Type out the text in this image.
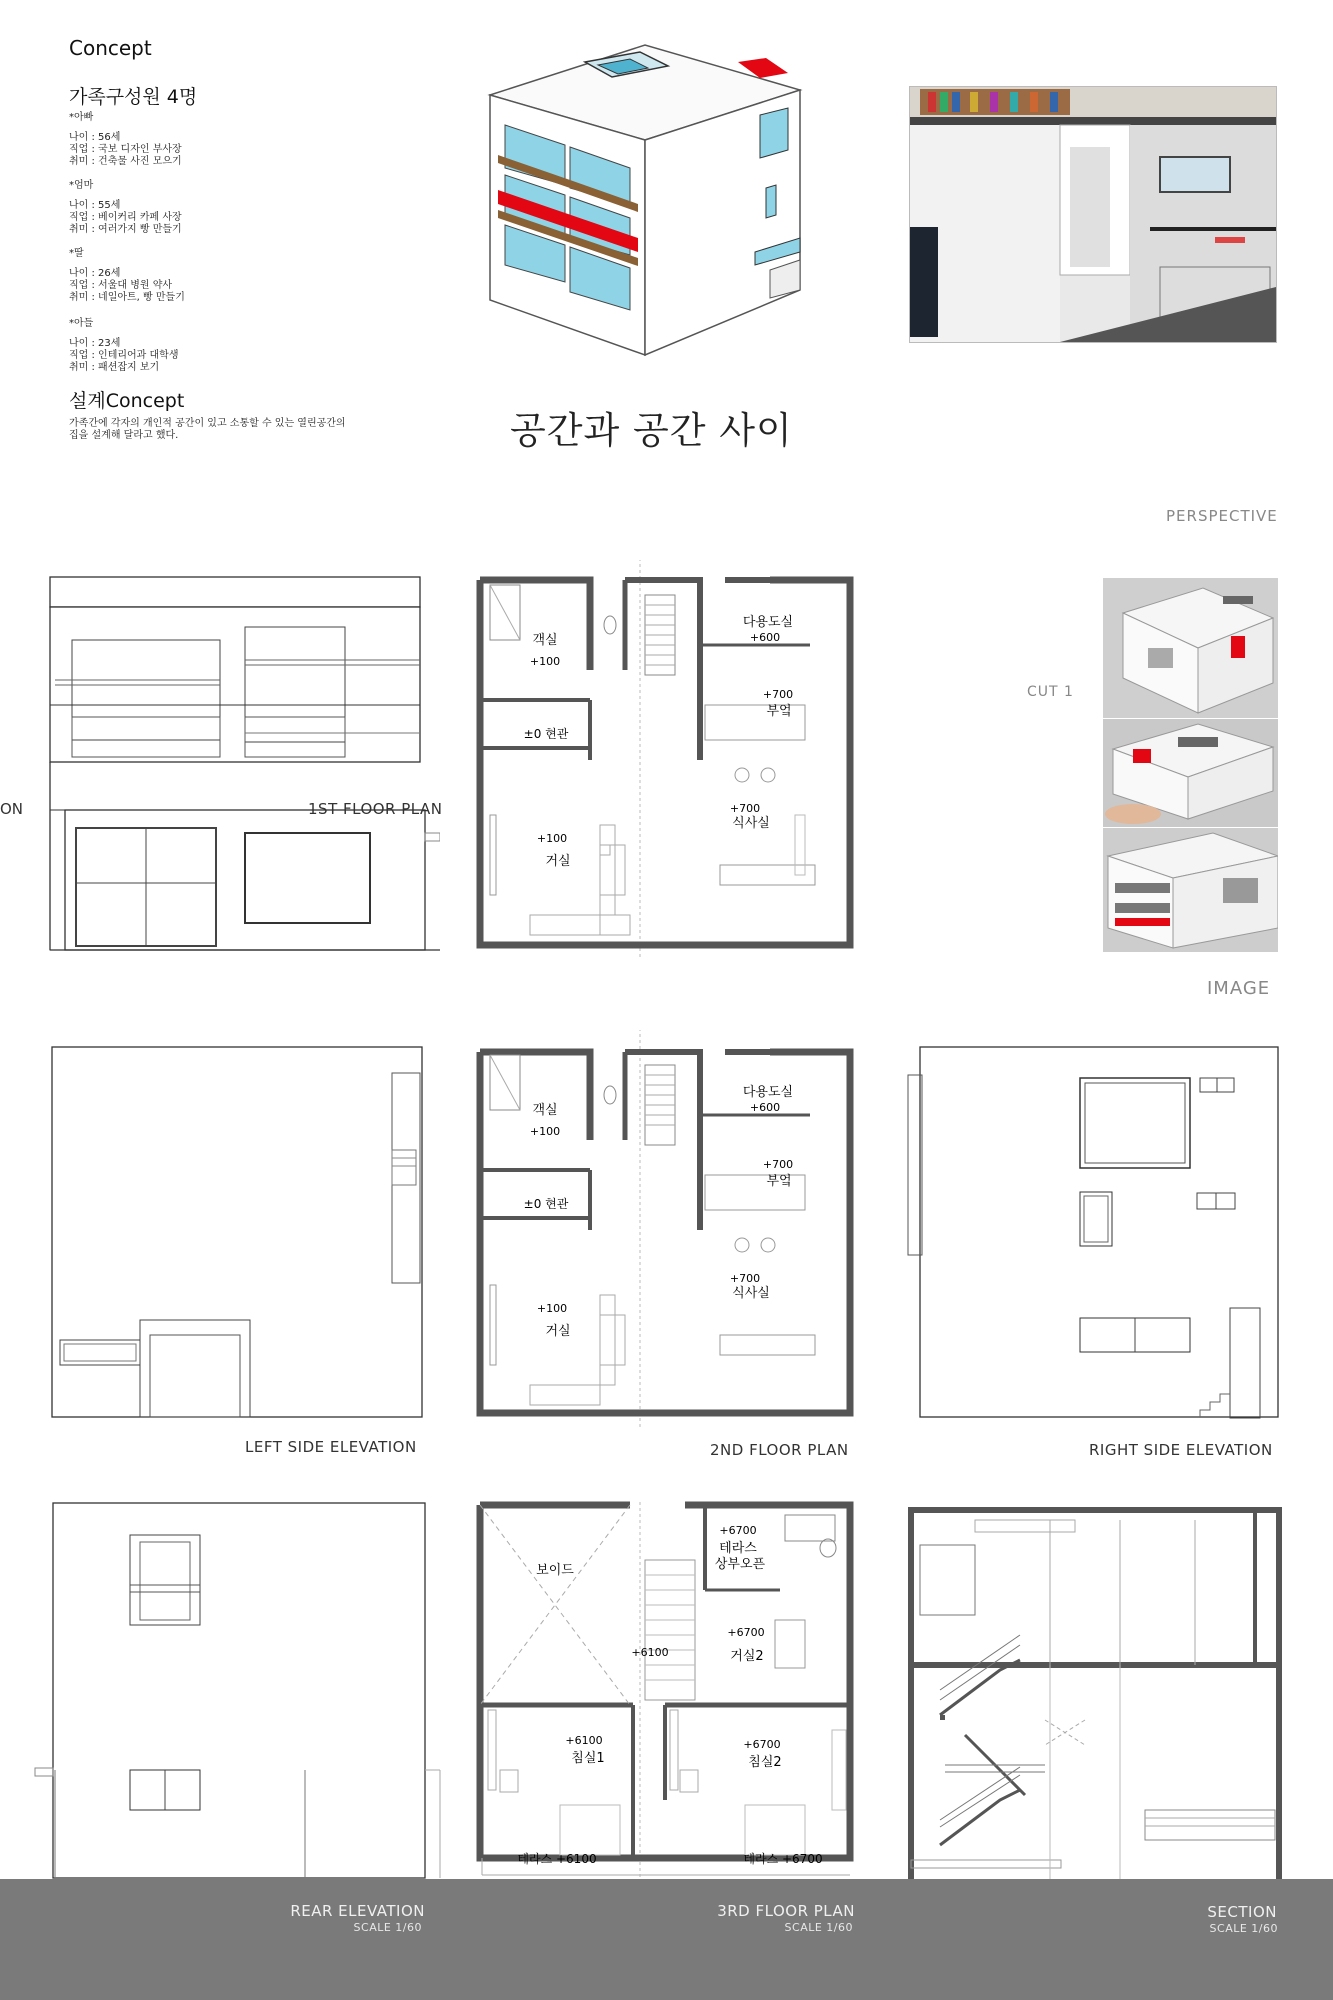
Concept
가족구성원 4명
*아빠
나이 : 56세
직업 : 국보 디자인 부사장
취미 : 건축물 사진 모으기
*엄마
나이 : 55세
직업 : 베이커리 카페 사장
취미 : 여러가지 빵 만들기
*딸
나이 : 26세
직업 : 서울대 병원 약사
취미 : 네일아트, 빵 만들기
*아들
나이 : 23세
직업 : 인테리어과 대학생
취미 : 패션잡지 보기
설계Concept
가족간에 각자의 개인적 공간이 있고 소통할 수 있는 열린공간의
집을 설계해 달라고 했다.	공간과 공간 사이
ON	1ST FLOOR PLAN
객실
+100
다용도실
+600
+700
부엌
±0 현관
+700
식사실
+100
거실
PERSPECTIVE
CUT 1
IMAGE
LEFT SIDE ELEVATION
객실
+100
다용도실
+600
+700
부엌
±0 현관
+700
식사실
+100
거실
2ND FLOOR PLAN	RIGHT SIDE ELEVATION
보이드
+6700
테라스
상부오픈
+6700
거실2
+6100
+6100
침실1
+6700
침실2
테라스 +6100	테라스 +6700
REAR ELEVATION
SCALE 1/60
3RD FLOOR PLAN
SCALE 1/60
SECTION
SCALE 1/60
